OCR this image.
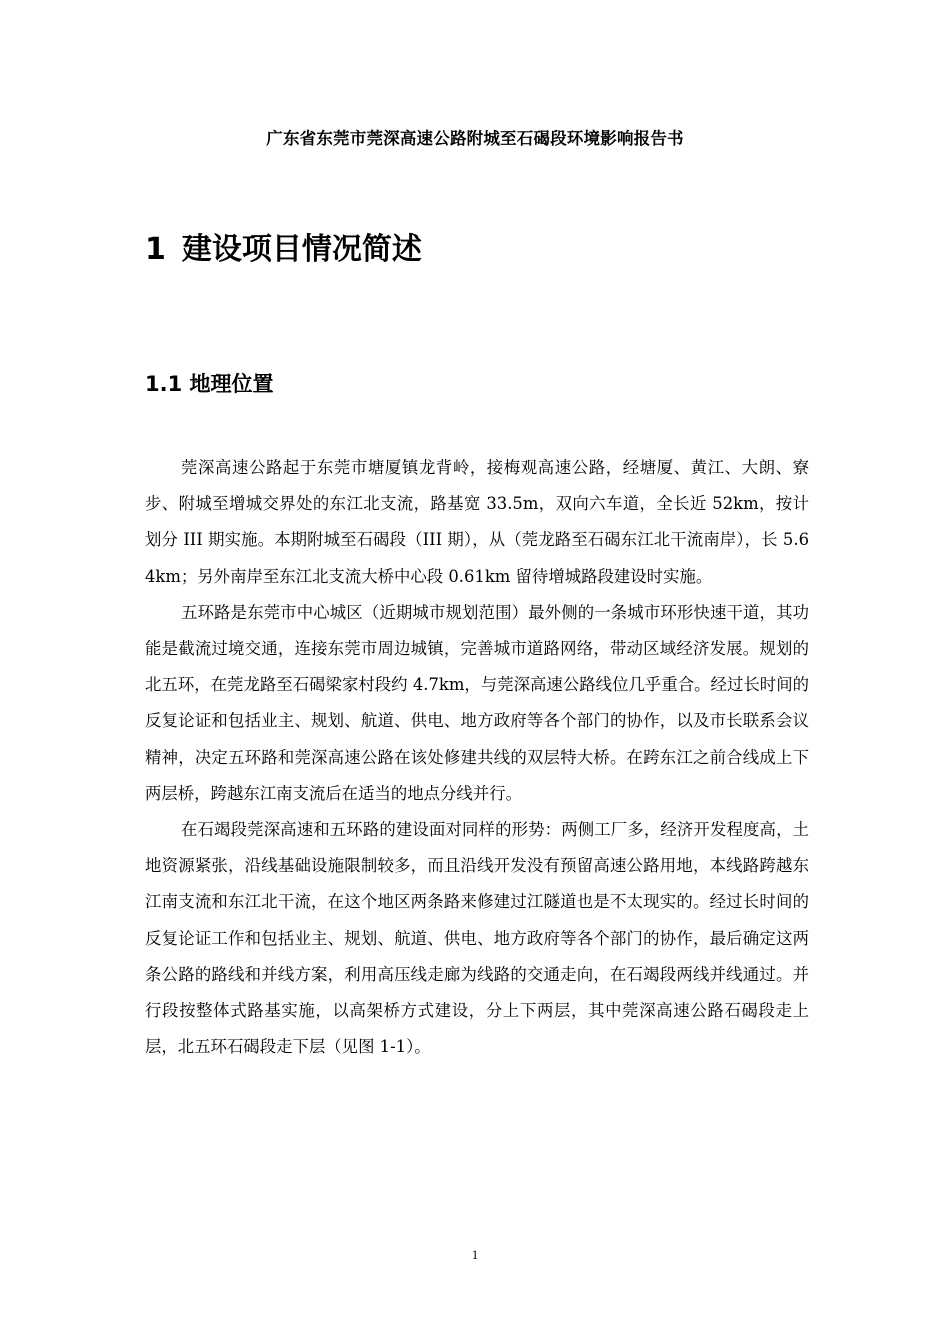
广东省东莞市莞深高速公路附城至石碣段环境影响报告书
1 建设项目情况简述
1.1 地理位置

莞深高速公路起于东莞市塘厦镇龙背岭，接梅观高速公路，经塘厦、黄江、大朗、寮步、附城至增城交界处的东江北支流，路基宽 33.5m，双向六车道，全长近 52km，按计划分 III 期实施。本期附城至石碣段（III 期），从（莞龙路至石碣东江北干流南岸），长 5.64km；另外南岸至东江北支流大桥中心段 0.61km 留待增城路段建设时实施。

五环路是东莞市中心城区（近期城市规划范围）最外侧的一条城市环形快速干道，其功能是截流过境交通，连接东莞市周边城镇，完善城市道路网络，带动区域经济发展。规划的北五环，在莞龙路至石碣梁家村段约 4.7km，与莞深高速公路线位几乎重合。经过长时间的反复论证和包括业主、规划、航道、供电、地方政府等各个部门的协作，以及市长联系会议精神，决定五环路和莞深高速公路在该处修建共线的双层特大桥。在跨东江之前合线成上下两层桥，跨越东江南支流后在适当的地点分线并行。

在石竭段莞深高速和五环路的建设面对同样的形势：两侧工厂多，经济开发程度高，土地资源紧张，沿线基础设施限制较多，而且沿线开发没有预留高速公路用地，本线路跨越东江南支流和东江北干流，在这个地区两条路来修建过江隧道也是不太现实的。经过长时间的反复论证工作和包括业主、规划、航道、供电、地方政府等各个部门的协作，最后确定这两条公路的路线和并线方案，利用高压线走廊为线路的交通走向，在石竭段两线并线通过。并行段按整体式路基实施，以高架桥方式建设，分上下两层，其中莞深高速公路石碣段走上层，北五环石碣段走下层（见图 1-1）。

1
